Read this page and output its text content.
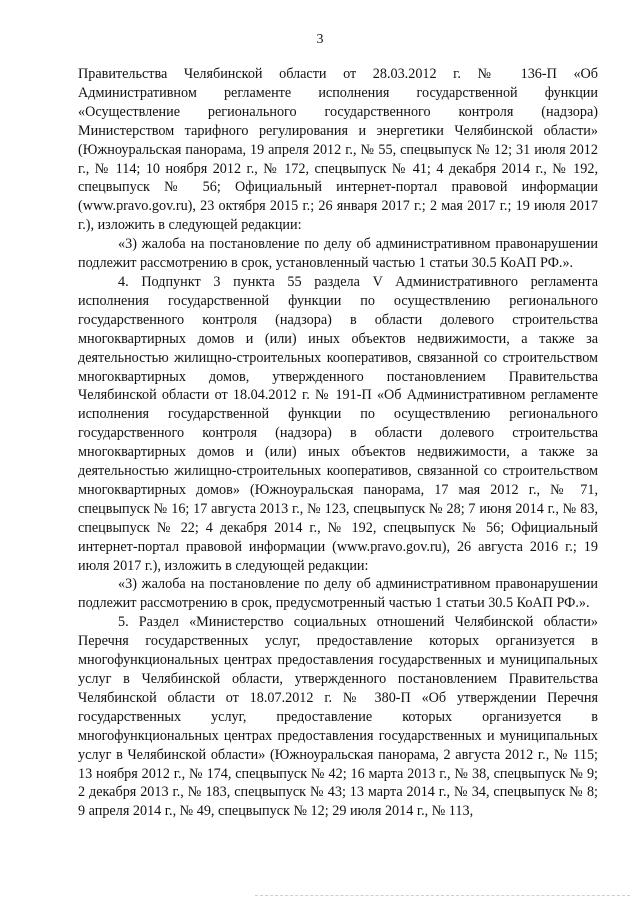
3

Правительства Челябинской области от 28.03.2012 г. № 136-П «Об Административном регламенте исполнения государственной функции «Осуществление регионального государственного контроля (надзора) Министерством тарифного регулирования и энергетики Челябинской области» (Южноуральская панорама, 19 апреля 2012 г., № 55, спецвыпуск № 12; 31 июля 2012 г., № 114; 10 ноября 2012 г., № 172, спецвыпуск № 41; 4 декабря 2014 г., № 192, спецвыпуск № 56; Официальный интернет-портал правовой информации (www.pravo.gov.ru), 23 октября 2015 г.; 26 января 2017 г.; 2 мая 2017 г.; 19 июля 2017 г.), изложить в следующей редакции:

«3) жалоба на постановление по делу об административном правонарушении подлежит рассмотрению в срок, установленный частью 1 статьи 30.5 КоАП РФ.».

4. Подпункт 3 пункта 55 раздела V Административного регламента исполнения государственной функции по осуществлению регионального государственного контроля (надзора) в области долевого строительства многоквартирных домов и (или) иных объектов недвижимости, а также за деятельностью жилищно-строительных кооперативов, связанной со строительством многоквартирных домов, утвержденного постановлением Правительства Челябинской области от 18.04.2012 г. № 191-П «Об Административном регламенте исполнения государственной функции по осуществлению регионального государственного контроля (надзора) в области долевого строительства многоквартирных домов и (или) иных объектов недвижимости, а также за деятельностью жилищно-строительных кооперативов, связанной со строительством многоквартирных домов» (Южноуральская панорама, 17 мая 2012 г., № 71, спецвыпуск № 16; 17 августа 2013 г., № 123, спецвыпуск № 28; 7 июня 2014 г., № 83, спецвыпуск № 22; 4 декабря 2014 г., № 192, спецвыпуск № 56; Официальный интернет-портал правовой информации (www.pravo.gov.ru), 26 августа 2016 г.; 19 июля 2017 г.), изложить в следующей редакции:

«3) жалоба на постановление по делу об административном правонарушении подлежит рассмотрению в срок, предусмотренный частью 1 статьи 30.5 КоАП РФ.».

5. Раздел «Министерство социальных отношений Челябинской области» Перечня государственных услуг, предоставление которых организуется в многофункциональных центрах предоставления государственных и муниципальных услуг в Челябинской области, утвержденного постановлением Правительства Челябинской области от 18.07.2012 г. № 380-П «Об утверждении Перечня государственных услуг, предоставление которых организуется в многофункциональных центрах предоставления государственных и муниципальных услуг в Челябинской области» (Южноуральская панорама, 2 августа 2012 г., № 115; 13 ноября 2012 г., № 174, спецвыпуск № 42; 16 марта 2013 г., № 38, спецвыпуск № 9; 2 декабря 2013 г., № 183, спецвыпуск № 43; 13 марта 2014 г., № 34, спецвыпуск № 8; 9 апреля 2014 г., № 49, спецвыпуск № 12; 29 июля 2014 г., № 113,
